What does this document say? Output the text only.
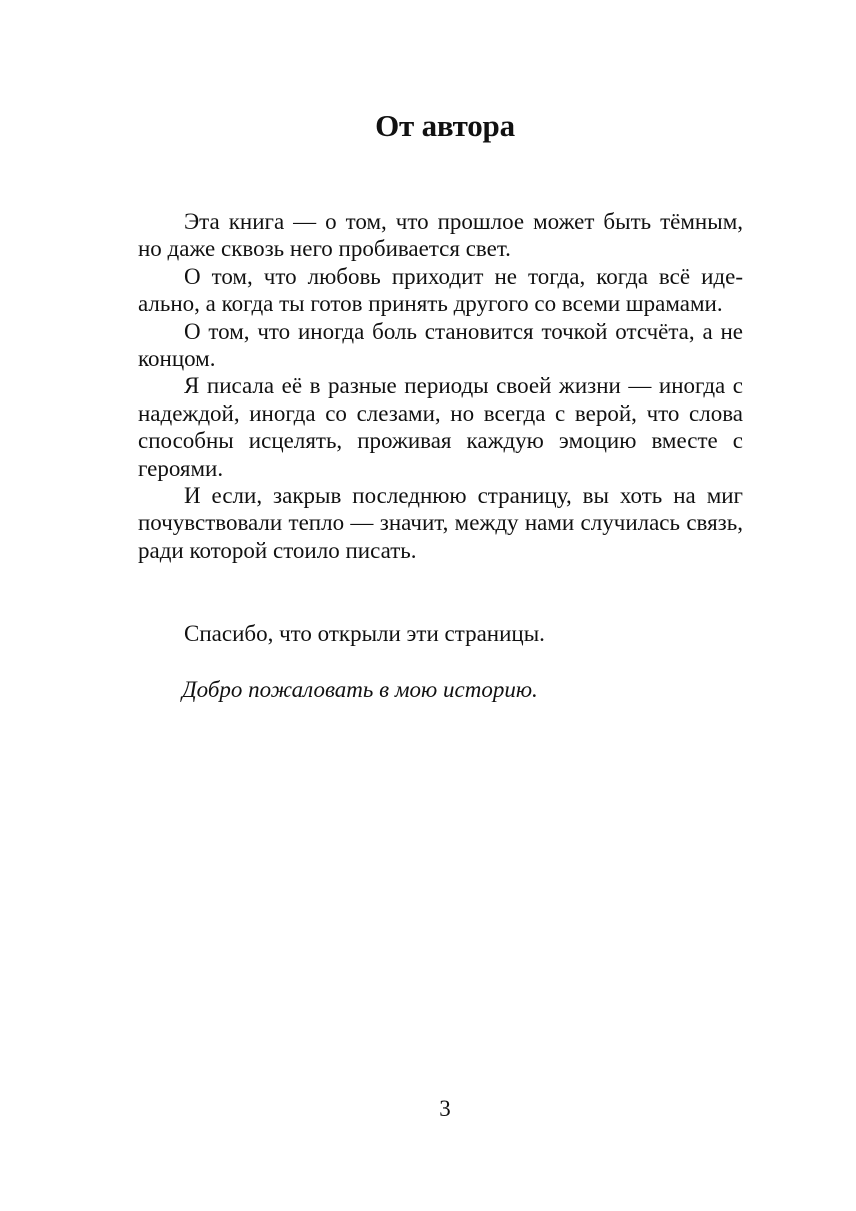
От автора

Эта книга — о том, что прошлое может быть тёмным, но даже сквозь него пробивается свет.

О том, что любовь приходит не тогда, когда всё идеально, а когда ты готов принять другого со всеми шрамами.

О том, что иногда боль становится точкой отсчёта, а не концом.

Я писала её в разные периоды своей жизни — иногда с надеждой, иногда со слезами, но всегда с верой, что слова способны исцелять, проживая каждую эмоцию вместе с героями.

И если, закрыв последнюю страницу, вы хоть на миг почувствовали тепло — значит, между нами случилась связь, ради которой стоило писать.

Спасибо, что открыли эти страницы.

Добро пожаловать в мою историю.

3
